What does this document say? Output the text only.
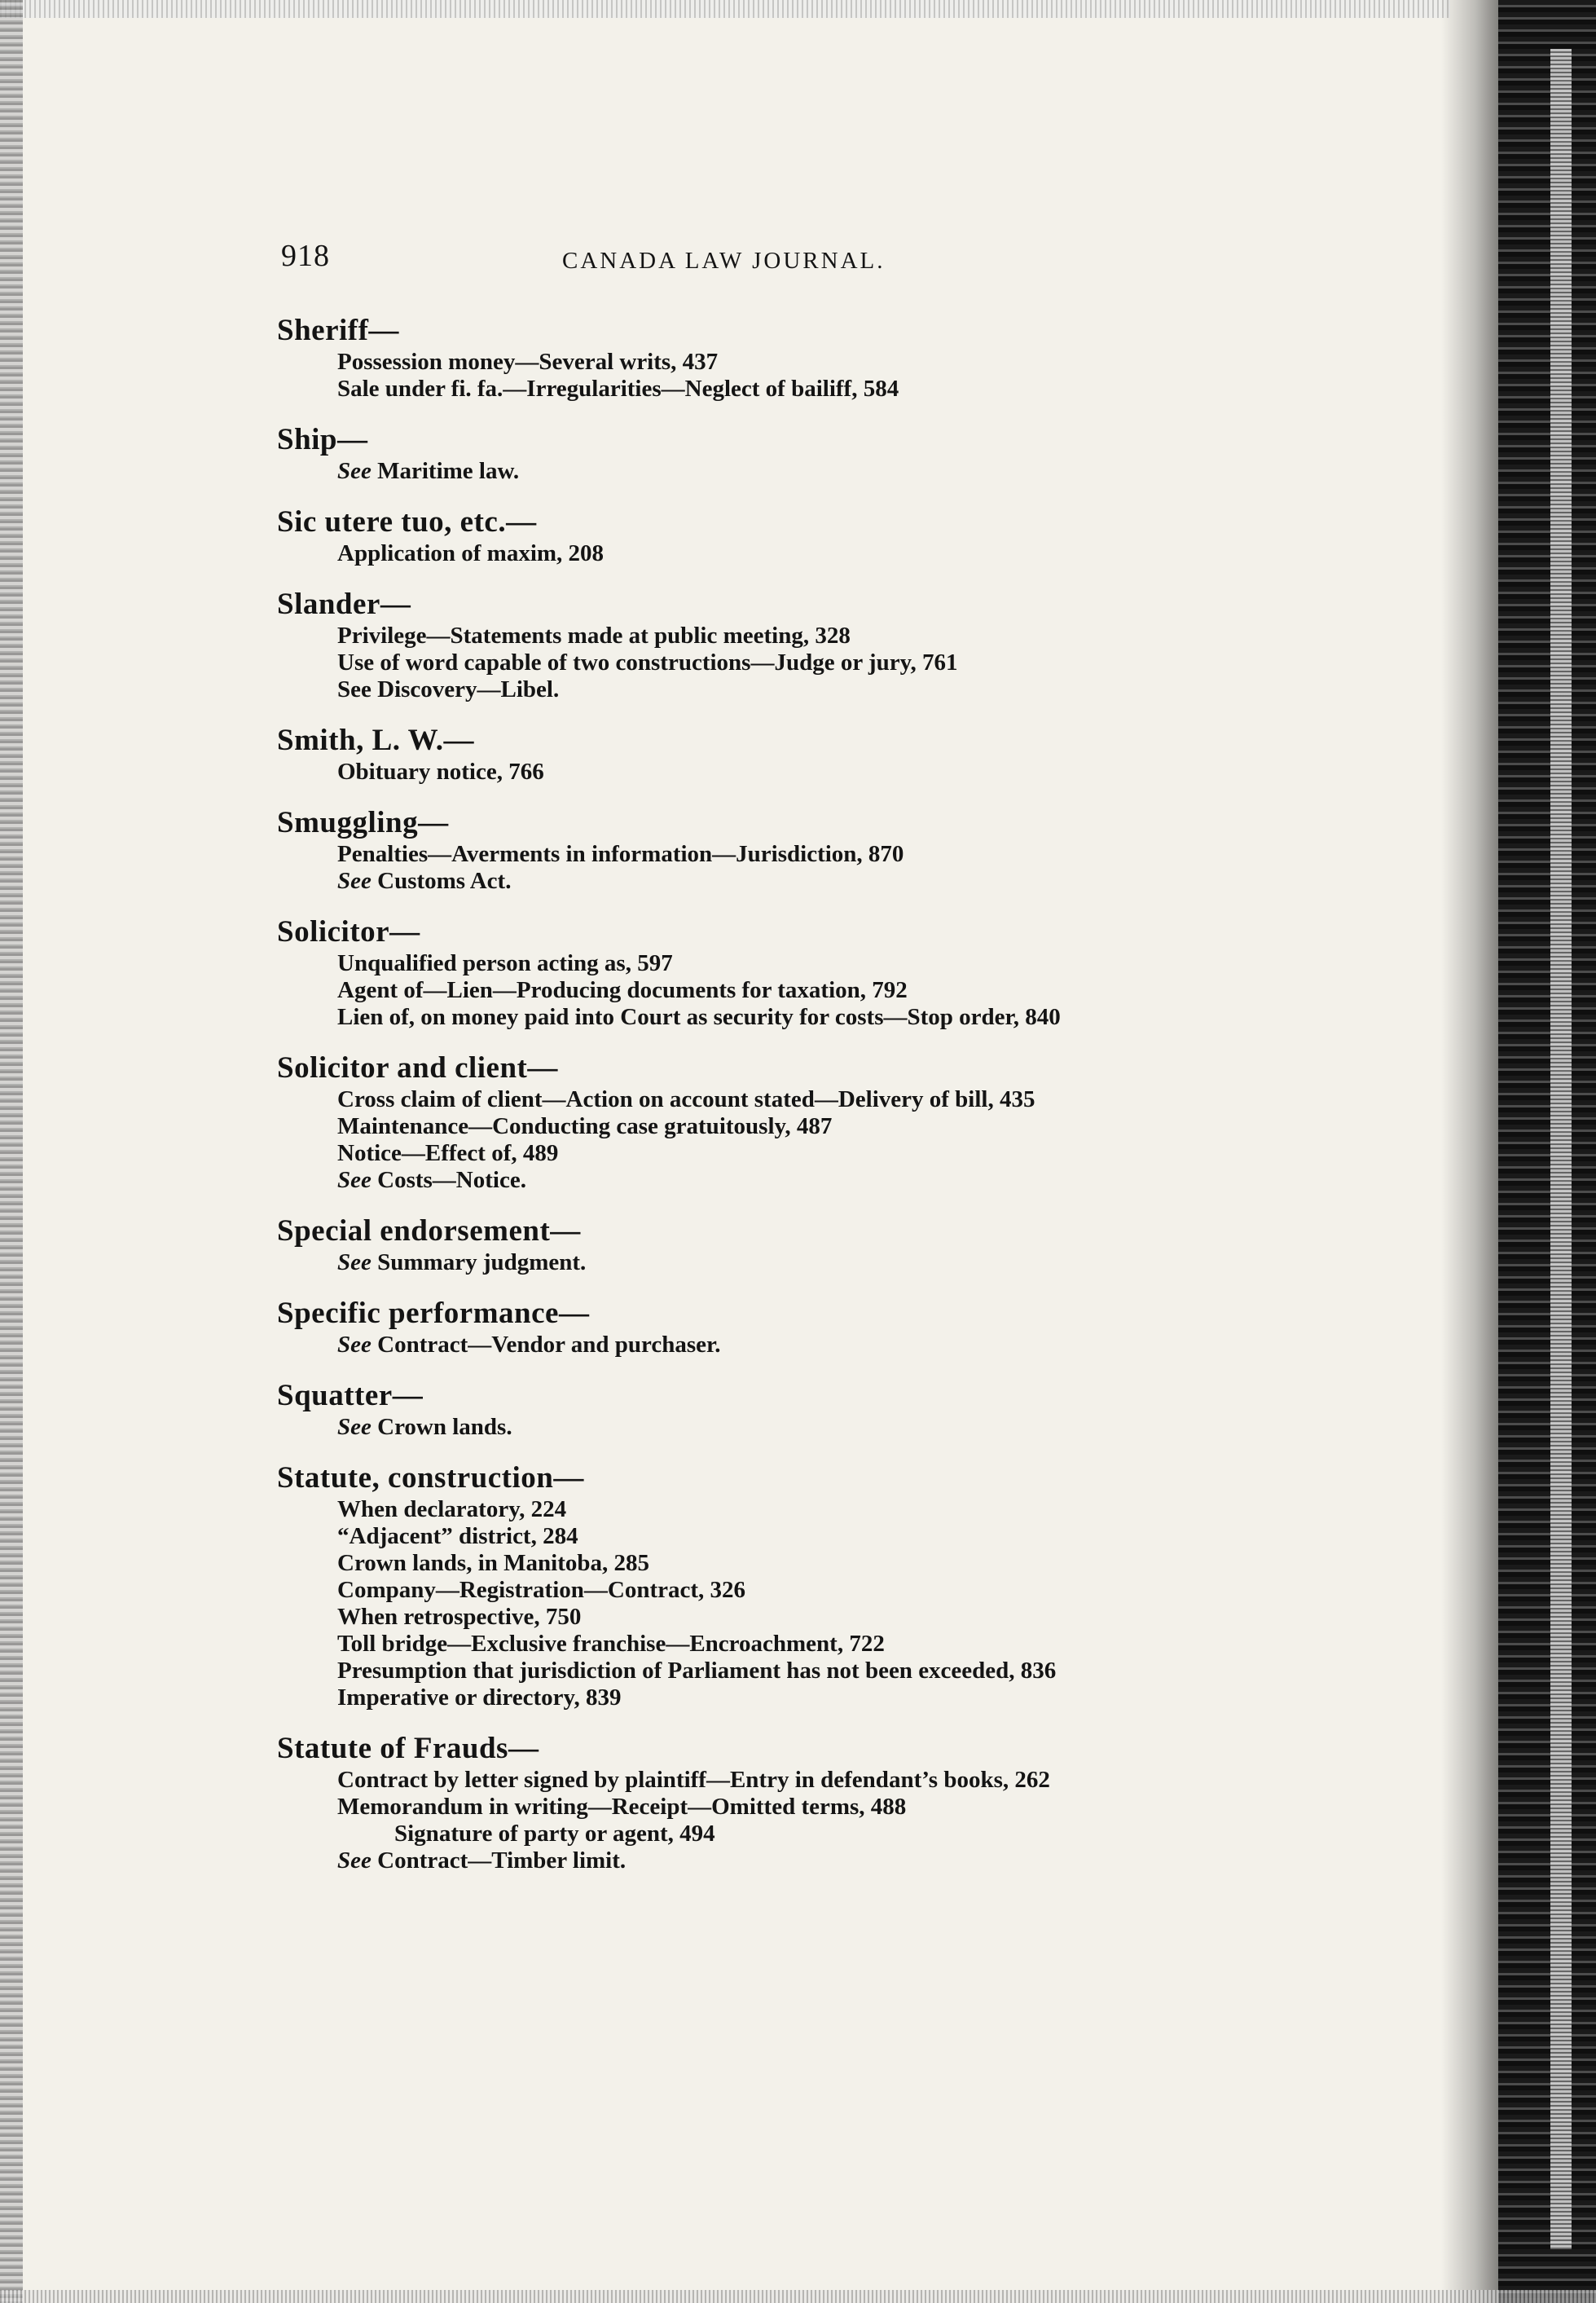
918	CANADA LAW JOURNAL.
Sheriff—
Possession money—Several writs, 437
Sale under fi. fa.—Irregularities—Neglect of bailiff, 584
Ship—
See Maritime law.
Sic utere tuo, etc.—
Application of maxim, 208
Slander—
Privilege—Statements made at public meeting, 328
Use of word capable of two constructions—Judge or jury, 761
See Discovery—Libel.
Smith, L. W.—
Obituary notice, 766
Smuggling—
Penalties—Averments in information—Jurisdiction, 870
See Customs Act.
Solicitor—
Unqualified person acting as, 597
Agent of—Lien—Producing documents for taxation, 792
Lien of, on money paid into Court as security for costs—Stop order, 840
Solicitor and client—
Cross claim of client—Action on account stated—Delivery of bill, 435
Maintenance—Conducting case gratuitously, 487
Notice—Effect of, 489
See Costs—Notice.
Special endorsement—
See Summary judgment.
Specific performance—
See Contract—Vendor and purchaser.
Squatter—
See Crown lands.
Statute, construction—
When declaratory, 224
“Adjacent” district, 284
Crown lands, in Manitoba, 285
Company—Registration—Contract, 326
When retrospective, 750
Toll bridge—Exclusive franchise—Encroachment, 722
Presumption that jurisdiction of Parliament has not been exceeded, 836
Imperative or directory, 839
Statute of Frauds—
Contract by letter signed by plaintiff—Entry in defendant’s books, 262
Memorandum in writing—Receipt—Omitted terms, 488
Signature of party or agent, 494
See Contract—Timber limit.
